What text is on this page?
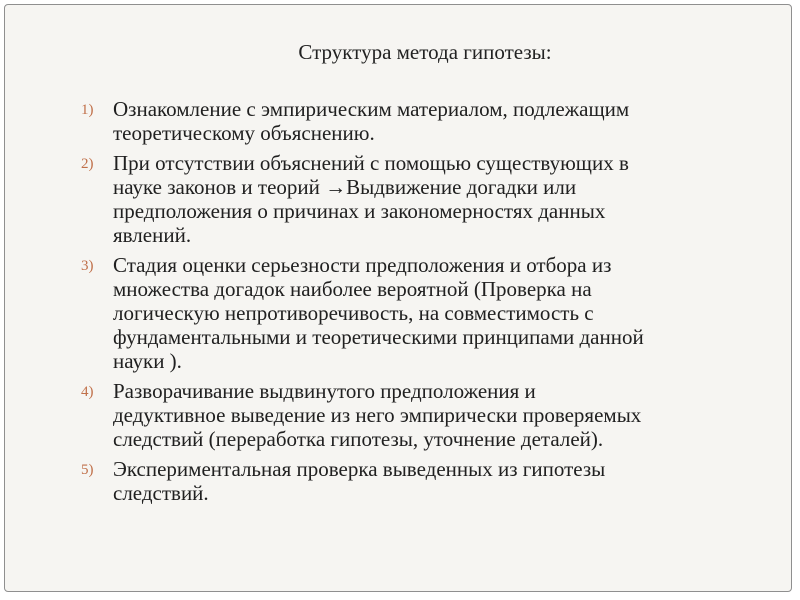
Структура метода гипотезы:
1) Ознакомление с эмпирическим материалом, подлежащим
теоретическому объяснению.
2) При отсутствии объяснений с помощью существующих в
науке законов и теорий →Выдвижение догадки или
предположения о причинах и закономерностях данных
явлений.
3) Стадия оценки серьезности предположения и отбора из
множества догадок наиболее вероятной (Проверка на
логическую непротиворечивость, на совместимость с
фундаментальными и теоретическими принципами данной
науки ).
4) Разворачивание выдвинутого предположения и
дедуктивное выведение из него эмпирически проверяемых
следствий (переработка гипотезы, уточнение деталей).
5) Экспериментальная проверка выведенных из гипотезы
следствий.
